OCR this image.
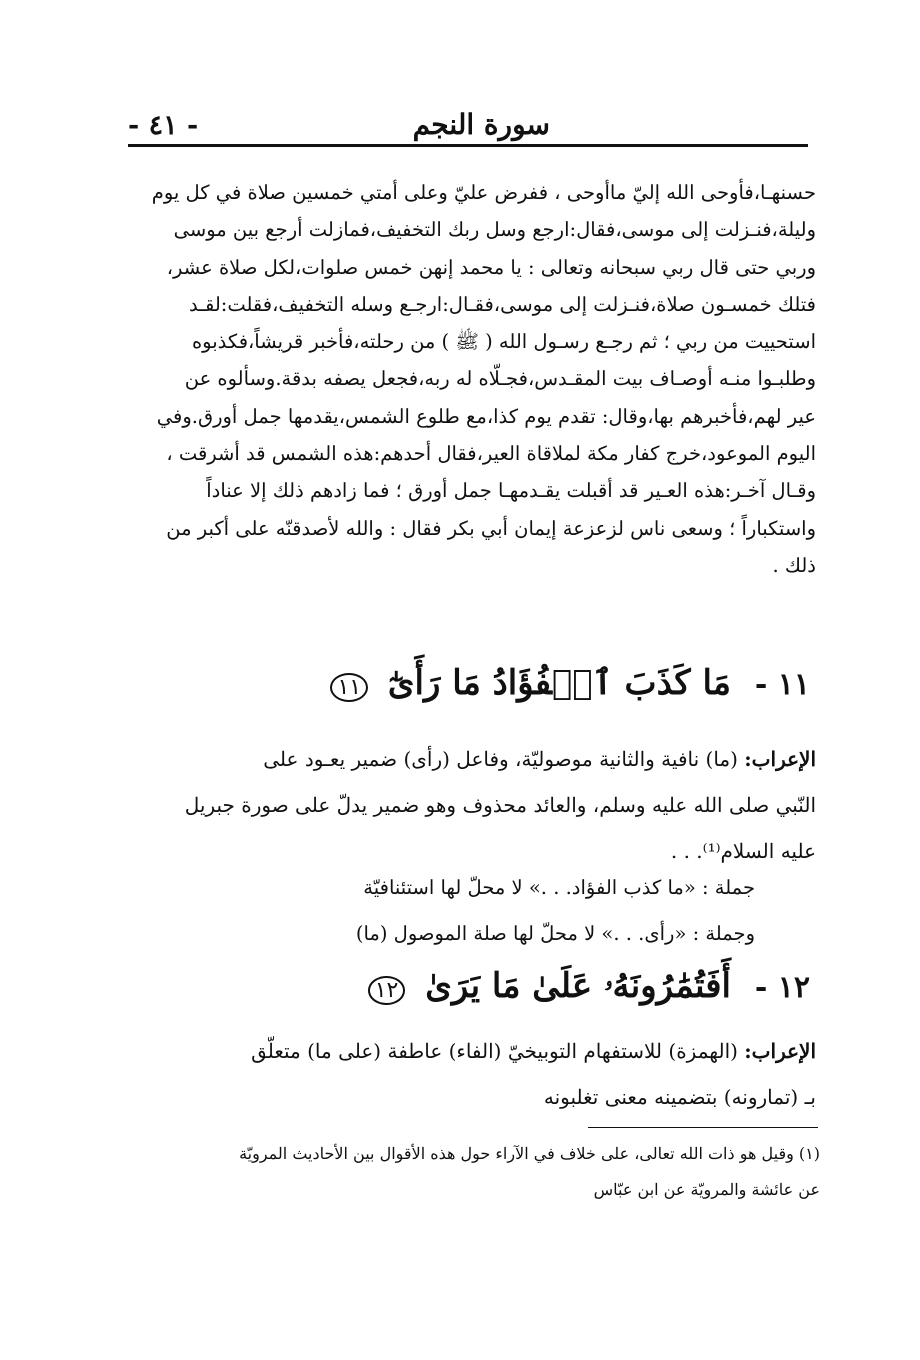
- ٤١ -	سورة النجم
حسنهـا،فأوحى الله إليّ ماأوحى ، ففرض عليّ وعلى أمتي خمسين صلاة في كل يوم
وليلة،فنـزلت إلى موسى،فقال:ارجع وسل ربك التخفيف،فمازلت أرجع بين موسى
وربي حتى قال ربي سبحانه وتعالى : يا محمد إنهن خمس صلوات،لكل صلاة عشر،
فتلك خمسـون صلاة،فنـزلت إلى موسى،فقـال:ارجـع وسله التخفيف،فقلت:لقـد
استحييت من ربي ؛ ثم رجـع رسـول الله ( ﷺ ) من رحلته،فأخبر قريشاً،فكذبوه
وطلبـوا منـه أوصـاف بيت المقـدس،فجـلّاه له ربه،فجعل يصفه بدقة.وسألوه عن
عير لهم،فأخبرهم بها،وقال: تقدم يوم كذا،مع طلوع الشمس،يقدمها جمل أورق.وفي
اليوم الموعود،خرج كفار مكة لملاقاة العير،فقال أحدهم:هذه الشمس قد أشرقت ،
وقـال آخـر:هذه العـير قد أقبلت يقـدمهـا جمل أورق ؛ فما زادهم ذلك إلا عناداً
واستكباراً ؛ وسعى ناس لزعزعة إيمان أبي بكر فقال : والله لأصدقنّه على أكبر من
ذلك .
١١ - مَا كَذَبَ ٱلۡفُؤَادُ مَا رَأَىٰٓ ١١
الإعراب: (ما) نافية والثانية موصوليّة، وفاعل (رأى) ضمير يعـود على
النّبي صلى الله عليه وسلم، والعائد محذوف وهو ضمير يدلّ على صورة جبريل
عليه السلام⁽¹⁾. . .
جملة : «ما كذب الفؤاد. . .» لا محلّ لها استئنافيّة
وجملة : «رأى. . .» لا محلّ لها صلة الموصول (ما)
١٢ - أَفَتُمَٰرُونَهُۥ عَلَىٰ مَا يَرَىٰ ١٢
الإعراب: (الهمزة) للاستفهام التوبيخيّ (الفاء) عاطفة (على ما) متعلّق
بـ (تمارونه) بتضمينه معنى تغلبونه
(١) وقيل هو ذات الله تعالى، على خلاف في الآراء حول هذه الأقوال بين الأحاديث المرويّة
عن عائشة والمرويّة عن ابن عبّاس
